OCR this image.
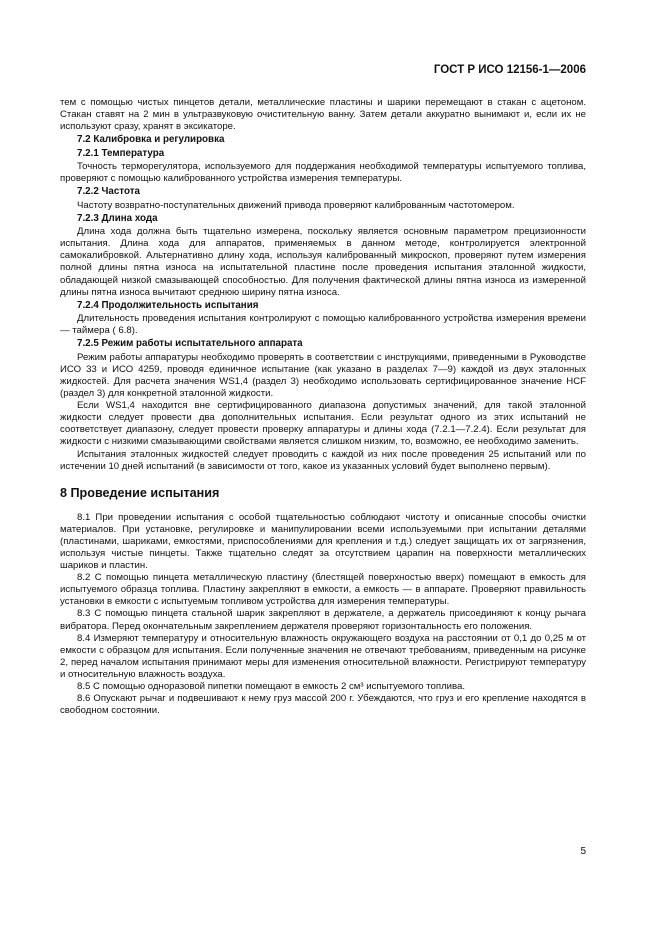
ГОСТ Р ИСО 12156-1—2006

тем с помощью чистых пинцетов детали, металлические пластины и шарики перемещают в стакан с ацетоном. Стакан ставят на 2 мин в ультразвуковую очистительную ванну. Затем детали аккуратно вынимают и, если их не используют сразу, хранят в эксикаторе.

7.2 Калибровка и регулировка
7.2.1 Температура

Точность терморегулятора, используемого для поддержания необходимой температуры испытуемого топлива, проверяют с помощью калиброванного устройства измерения температуры.

7.2.2 Частота

Частоту возвратно-поступательных движений привода проверяют калиброванным частотомером.

7.2.3 Длина хода

Длина хода должна быть тщательно измерена, поскольку является основным параметром прецизионности испытания. Длина хода для аппаратов, применяемых в данном методе, контролируется электронной самокалибровкой. Альтернативно длину хода, используя калиброванный микроскоп, проверяют путем измерения полной длины пятна износа на испытательной пластине после проведения испытания эталонной жидкости, обладающей низкой смазывающей способностью. Для получения фактической длины пятна износа из измеренной длины пятна износа вычитают среднюю ширину пятна износа.

7.2.4 Продолжительность испытания

Длительность проведения испытания контролируют с помощью калиброванного устройства измерения времени — таймера ( 6.8).

7.2.5 Режим работы испытательного аппарата

Режим работы аппаратуры необходимо проверять в соответствии с инструкциями, приведенными в Руководстве ИСО 33 и ИСО 4259, проводя единичное испытание (как указано в разделах 7—9) каждой из двух эталонных жидкостей. Для расчета значения WS1,4 (раздел 3) необходимо использовать сертифицированное значение HCF (раздел 3) для конкретной эталонной жидкости.

Если WS1,4 находится вне сертифицированного диапазона допустимых значений, для такой эталонной жидкости следует провести два дополнительных испытания. Если результат одного из этих испытаний не соответствует диапазону, следует провести проверку аппаратуры и длины хода (7.2.1—7.2.4). Если результат для жидкости с низкими смазывающими свойствами является слишком низким, то, возможно, ее необходимо заменить.

Испытания эталонных жидкостей следует проводить с каждой из них после проведения 25 испытаний или по истечении 10 дней испытаний (в зависимости от того, какое из указанных условий будет выполнено первым).

8 Проведение испытания

8.1 При проведении испытания с особой тщательностью соблюдают чистоту и описанные способы очистки материалов. При установке, регулировке и манипулировании всеми используемыми при испытании деталями (пластинами, шариками, емкостями, приспособлениями для крепления и т.д.) следует защищать их от загрязнения, используя чистые пинцеты. Также тщательно следят за отсутствием царапин на поверхности металлических шариков и пластин.

8.2 С помощью пинцета металлическую пластину (блестящей поверхностью вверх) помещают в емкость для испытуемого образца топлива. Пластину закрепляют в емкости, а емкость — в аппарате. Проверяют правильность установки в емкости с испытуемым топливом устройства для измерения температуры.

8.3 С помощью пинцета стальной шарик закрепляют в держателе, а держатель присоединяют к концу рычага вибратора. Перед окончательным закреплением держателя проверяют горизонтальность его положения.

8.4 Измеряют температуру и относительную влажность окружающего воздуха на расстоянии от 0,1 до 0,25 м от емкости с образцом для испытания. Если полученные значения не отвечают требованиям, приведенным на рисунке 2, перед началом испытания принимают меры для изменения относительной влажности. Регистрируют температуру и относительную влажность воздуха.

8.5 С помощью одноразовой пипетки помещают в емкость 2 см³ испытуемого топлива.

8.6 Опускают рычаг и подвешивают к нему груз массой 200 г. Убеждаются, что груз и его крепление находятся в свободном состоянии.

5
